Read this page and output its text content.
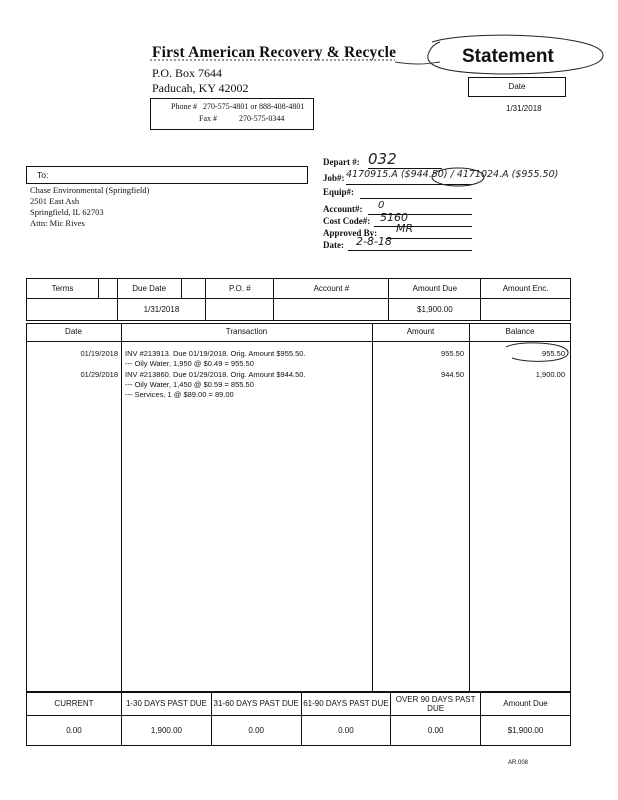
First American Recovery & Recycle
P.O. Box 7644
Paducah, KY 42002
Phone # 270-575-4801 or 888-408-4801
Fax #	270-575-0344
Statement
Date
1/31/2018
To:
Chase Environmental (Springfield)
2501 East Ash
Springfield, IL 62703
Attn: Mic Rives
Depart #: 032
Job#: 4170915.A ($944.50) / 4171024.A ($955.50)
Equip#:
Account#: 0
Cost Code#: 5160
Approved By: MR
Date: 2-8-18
Terms		Due Date		P.O. #	Account #	Amount Due	Amount Enc.
		1/31/2018				$1,900.00	
Date	Transaction	Amount	Balance
01/19/2018 INV #213913. Due 01/19/2018. Orig. Amount $955.50.
--- Oily Water, 1,950 @ $0.49 = 955.50
955.50	955.50
01/29/2018 INV #213860. Due 01/29/2018. Orig. Amount $944.50.
--- Oily Water, 1,450 @ $0.59 = 855.50
--- Services, 1 @ $89.00 = 89.00
944.50	1,900.00
CURRENT	1-30 DAYS PAST DUE	31-60 DAYS PAST DUE	61-90 DAYS PAST DUE	OVER 90 DAYS PAST DUE	Amount Due
0.00	1,900.00	0.00	0.00	0.00	$1,900.00
AR.008
